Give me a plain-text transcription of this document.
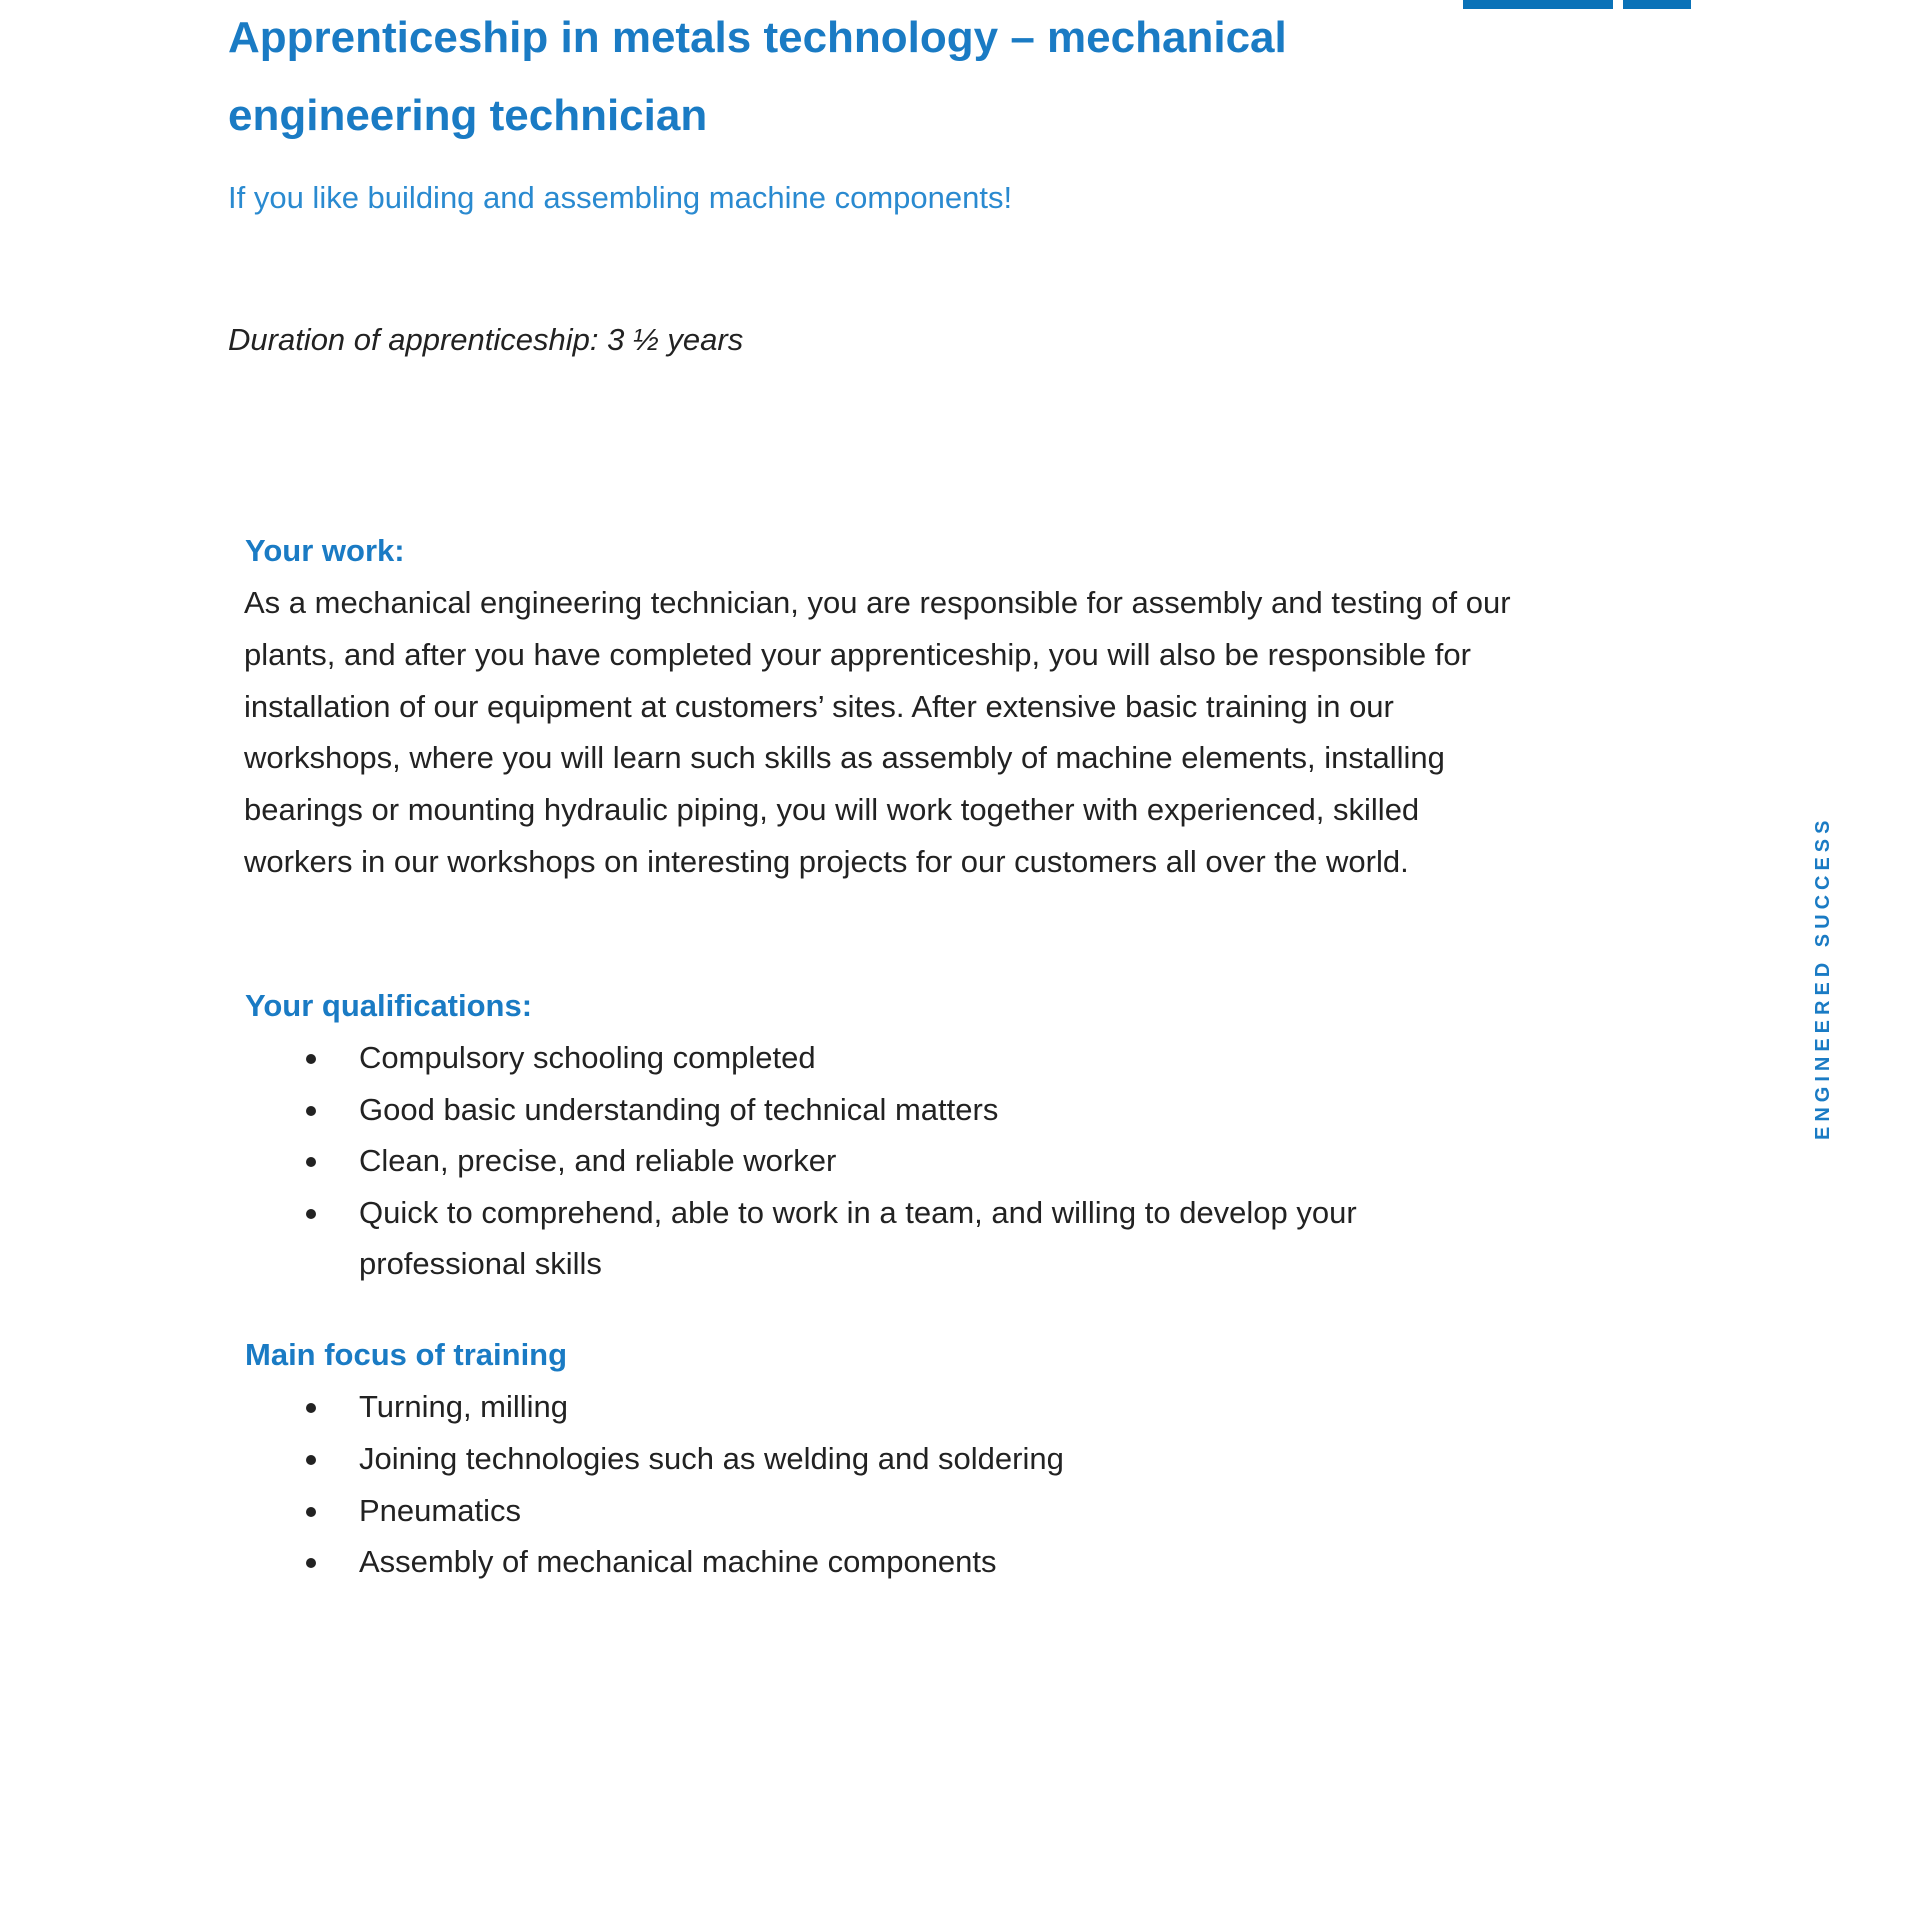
Apprenticeship in metals technology – mechanical
engineering technician
If you like building and assembling machine components!
Duration of apprenticeship: 3 ½ years
Your work:
As a mechanical engineering technician, you are responsible for assembly and testing of our
plants, and after you have completed your apprenticeship, you will also be responsible for
installation of our equipment at customers’ sites. After extensive basic training in our
workshops, where you will learn such skills as assembly of machine elements, installing
bearings or mounting hydraulic piping, you will work together with experienced, skilled
workers in our workshops on interesting projects for our customers all over the world.
Your qualifications:
Compulsory schooling completed
Good basic understanding of technical matters
Clean, precise, and reliable worker
Quick to comprehend, able to work in a team, and willing to develop your
professional skills
Main focus of training
Turning, milling
Joining technologies such as welding and soldering
Pneumatics
Assembly of mechanical machine components
ENGINEERED SUCCESS
